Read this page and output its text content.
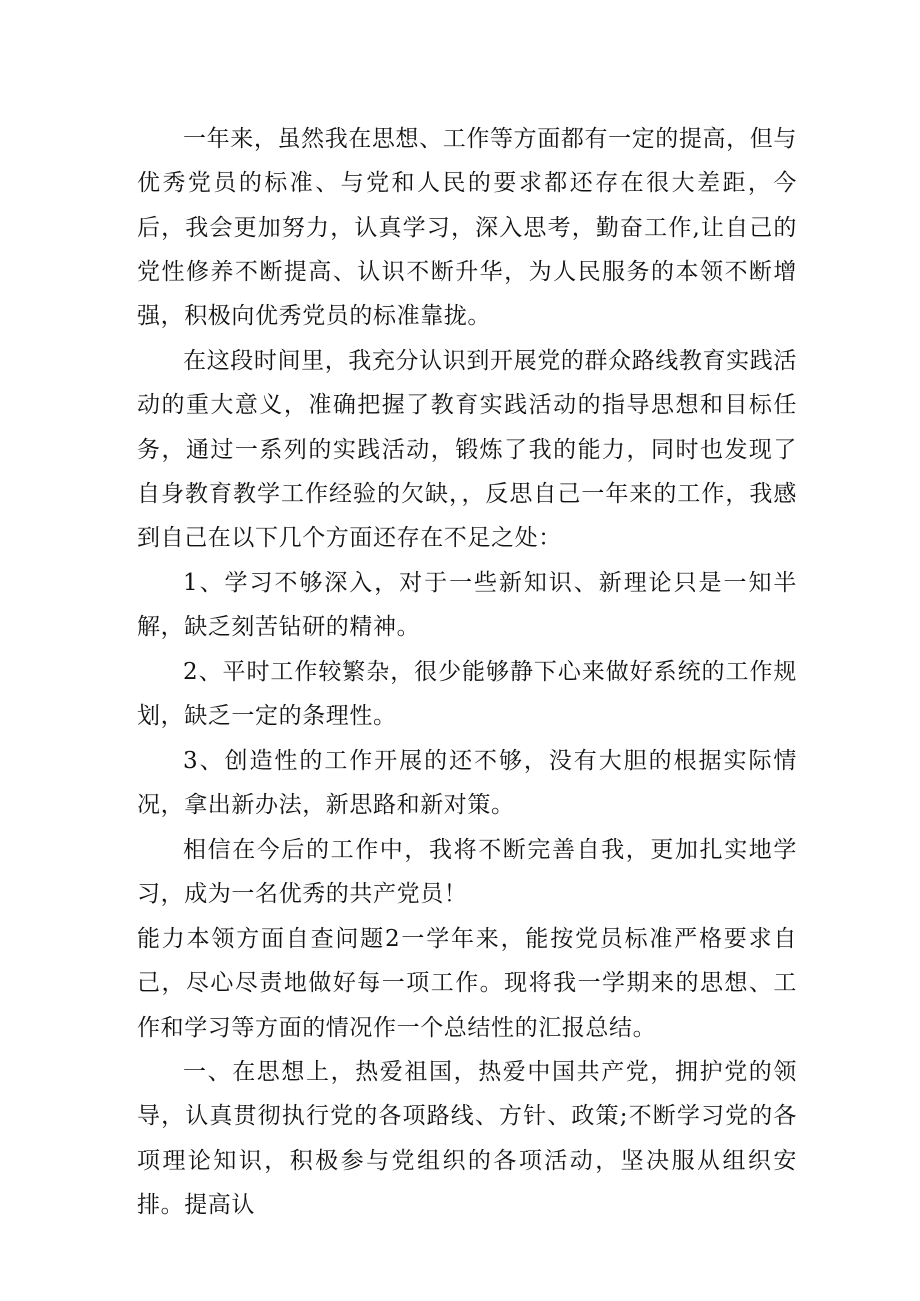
一年来，虽然我在思想、工作等方面都有一定的提高，但与优秀党员的标准、与党和人民的要求都还存在很大差距，今后，我会更加努力，认真学习，深入思考，勤奋工作,让自己的党性修养不断提高、认识不断升华，为人民服务的本领不断增强，积极向优秀党员的标准靠拢。

在这段时间里，我充分认识到开展党的群众路线教育实践活动的重大意义，准确把握了教育实践活动的指导思想和目标任务，通过一系列的实践活动，锻炼了我的能力，同时也发现了自身教育教学工作经验的欠缺，，反思自己一年来的工作，我感到自己在以下几个方面还存在不足之处：

1、学习不够深入，对于一些新知识、新理论只是一知半解，缺乏刻苦钻研的精神。

2、平时工作较繁杂，很少能够静下心来做好系统的工作规划，缺乏一定的条理性。

3、创造性的工作开展的还不够，没有大胆的根据实际情况，拿出新办法，新思路和新对策。

相信在今后的工作中，我将不断完善自我，更加扎实地学习，成为一名优秀的共产党员！

能力本领方面自查问题2一学年来，能按党员标准严格要求自己，尽心尽责地做好每一项工作。现将我一学期来的思想、工作和学习等方面的情况作一个总结性的汇报总结。

一、在思想上，热爱祖国，热爱中国共产党，拥护党的领导，认真贯彻执行党的各项路线、方针、政策;不断学习党的各项理论知识，积极参与党组织的各项活动，坚决服从组织安排。提高认
